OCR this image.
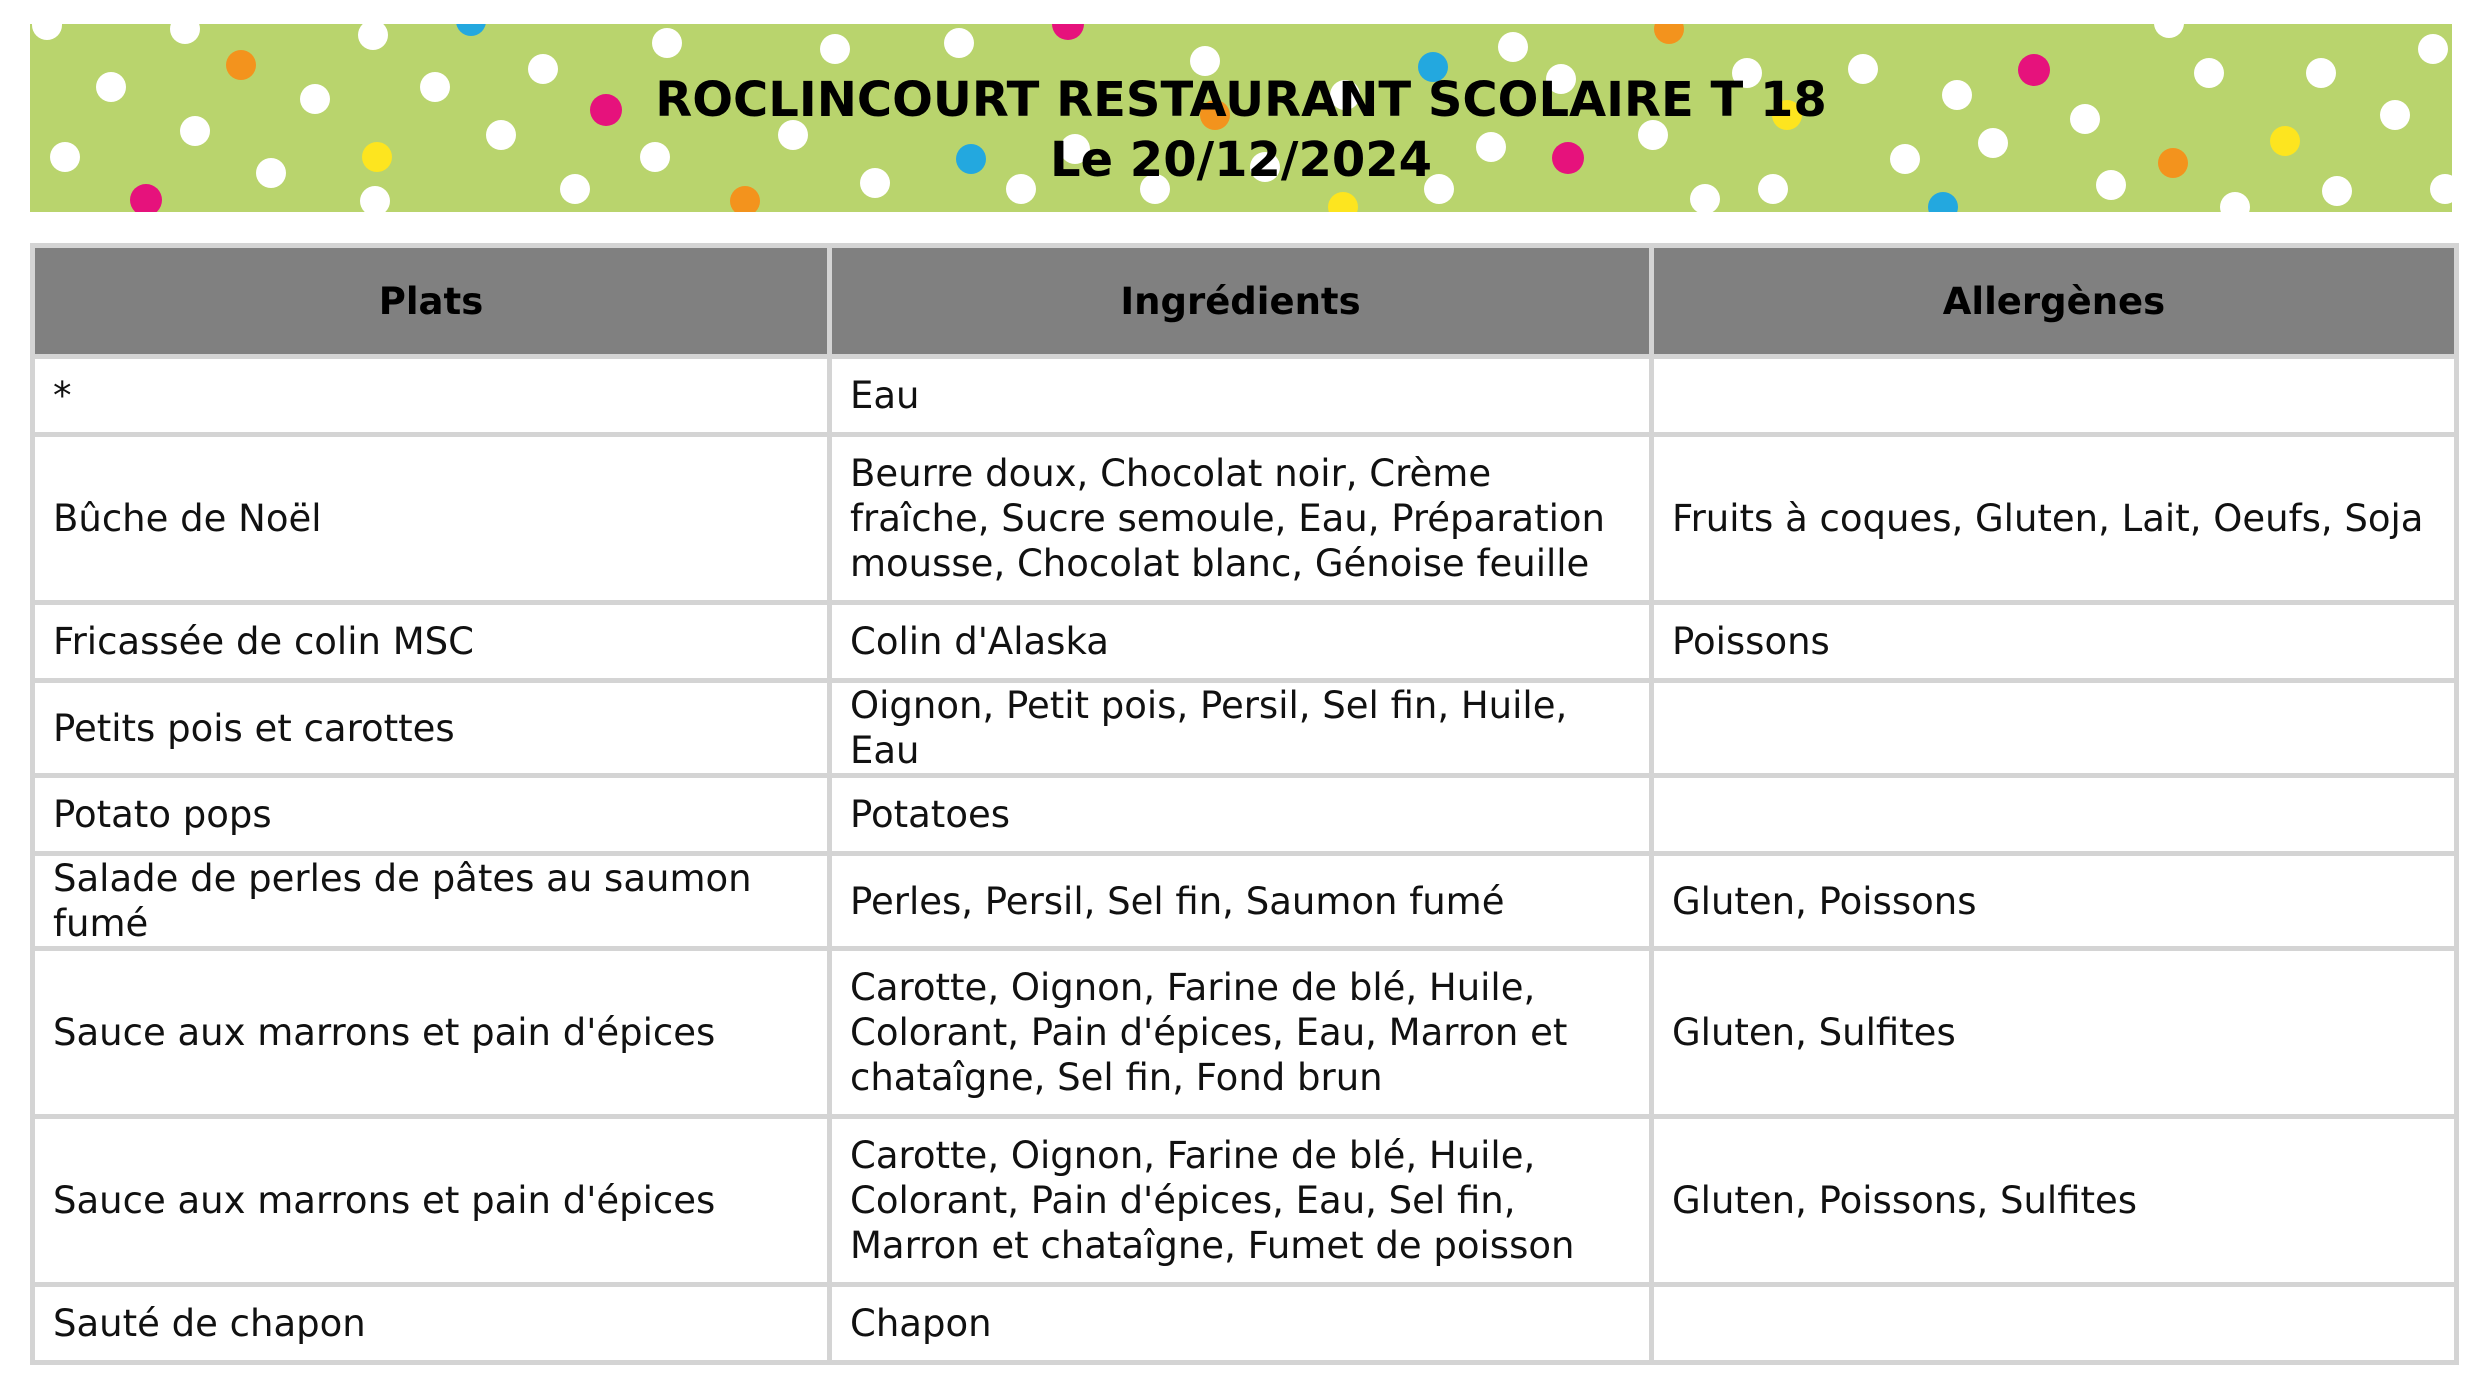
ROCLINCOURT RESTAURANT SCOLAIRE T 18
Le 20/12/2024
Plats	Ingrédients	Allergènes
*	Eau	
Bûche de Noël	Beurre doux, Chocolat noir, Crème fraîche, Sucre semoule, Eau, Préparation mousse, Chocolat blanc, Génoise feuille	Fruits à coques, Gluten, Lait, Oeufs, Soja
Fricassée de colin MSC	Colin d'Alaska	Poissons
Petits pois et carottes	Oignon, Petit pois, Persil, Sel fin, Huile, Eau	
Potato pops	Potatoes	
Salade de perles de pâtes au saumon fumé	Perles, Persil, Sel fin, Saumon fumé	Gluten, Poissons
Sauce aux marrons et pain d'épices	Carotte, Oignon, Farine de blé, Huile, Colorant, Pain d'épices, Eau, Marron et chataîgne, Sel fin, Fond brun	Gluten, Sulfites
Sauce aux marrons et pain d'épices	Carotte, Oignon, Farine de blé, Huile, Colorant, Pain d'épices, Eau, Sel fin, Marron et chataîgne, Fumet de poisson	Gluten, Poissons, Sulfites
Sauté de chapon	Chapon	
